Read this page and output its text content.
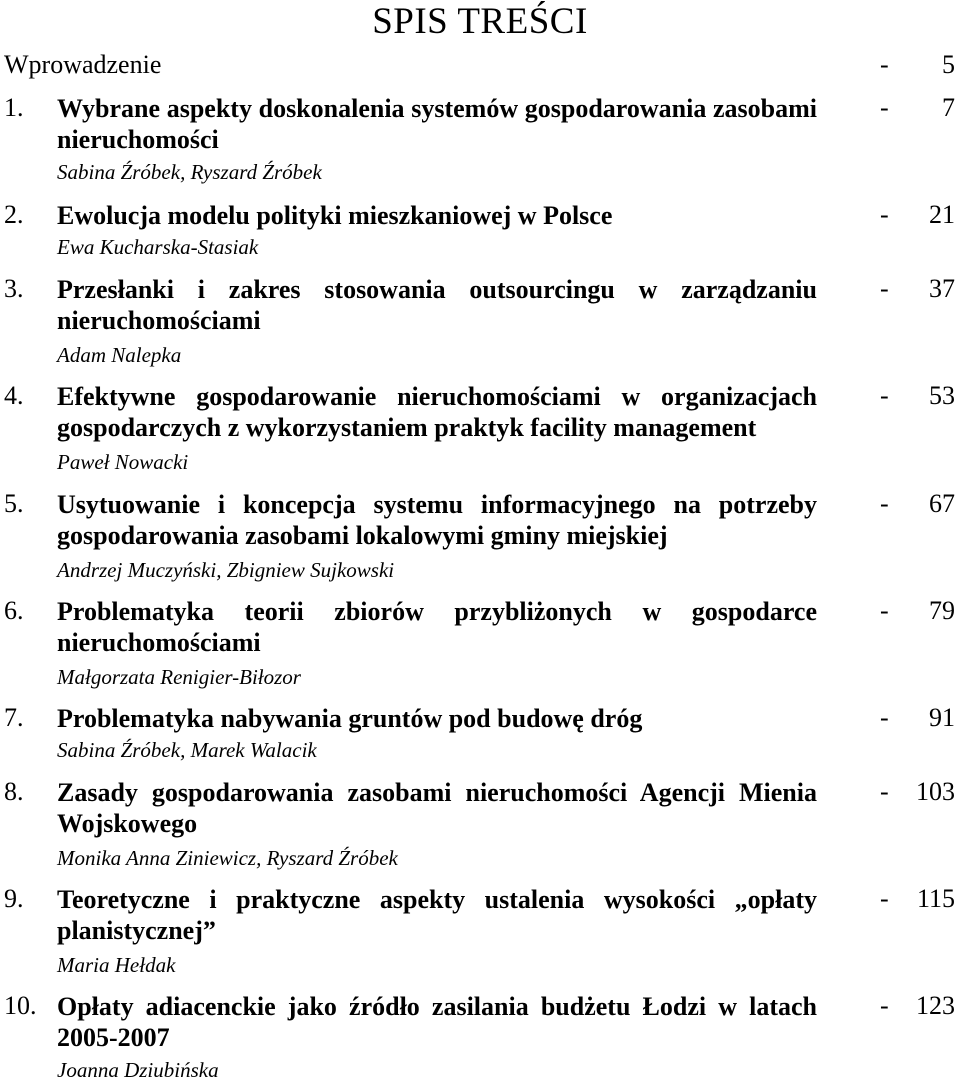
SPIS TREŚCI
Wprowadzenie	- 5
1. Wybrane aspekty doskonalenia systemów gospodarowania zasobami nieruchomości
Sabina Źróbek, Ryszard Źróbek
- 7
2. Ewolucja modelu polityki mieszkaniowej w Polsce
Ewa Kucharska-Stasiak
- 21
3. Przesłanki i zakres stosowania outsourcingu w zarządzaniu nieruchomościami
Adam Nalepka
- 37
4. Efektywne gospodarowanie nieruchomościami w organizacjach gospodarczych z wykorzystaniem praktyk facility management
Paweł Nowacki
- 53
5. Usytuowanie i koncepcja systemu informacyjnego na potrzeby gospodarowania zasobami lokalowymi gminy miejskiej
Andrzej Muczyński, Zbigniew Sujkowski
- 67
6. Problematyka teorii zbiorów przybliżonych w gospodarce nieruchomościami
Małgorzata Renigier-Biłozor
- 79
7. Problematyka nabywania gruntów pod budowę dróg
Sabina Źróbek, Marek Walacik
- 91
8. Zasady gospodarowania zasobami nieruchomości Agencji Mienia Wojskowego
Monika Anna Ziniewicz, Ryszard Źróbek
- 103
9. Teoretyczne i praktyczne aspekty ustalenia wysokości „opłaty planistycznej”
Maria Hełdak
- 115
10. Opłaty adiacenckie jako źródło zasilania budżetu Łodzi w latach 2005-2007
Joanna Dziubińska
- 123
